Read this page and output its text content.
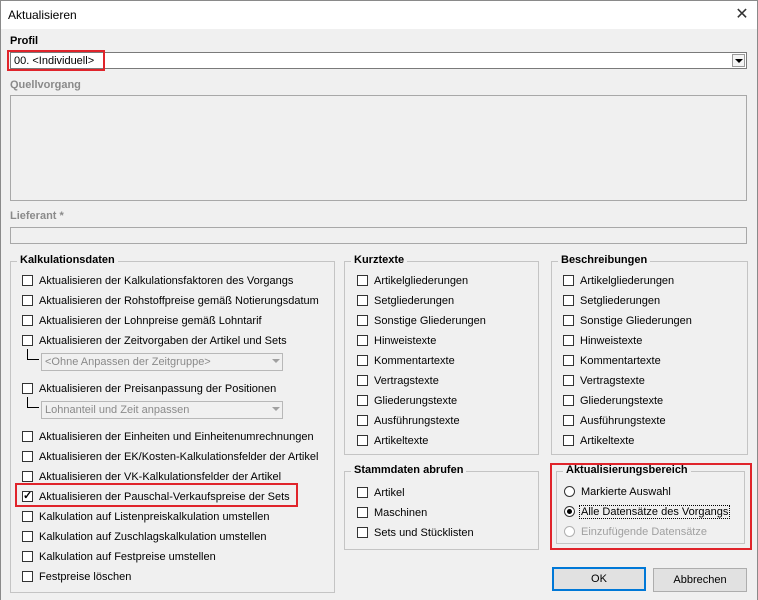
Aktualisieren	✕
Profil
00. <Individuell>
Quellvorgang
Lieferant *
Kalkulationsdaten
Aktualisieren der Kalkulationsfaktoren des Vorgangs
Aktualisieren der Rohstoffpreise gemäß Notierungsdatum
Aktualisieren der Lohnpreise gemäß Lohntarif
Aktualisieren der Zeitvorgaben der Artikel und Sets
<Ohne Anpassen der Zeitgruppe>
Aktualisieren der Preisanpassung der Positionen
Lohnanteil und Zeit anpassen
Aktualisieren der Einheiten und Einheitenumrechnungen
Aktualisieren der EK/Kosten-Kalkulationsfelder der Artikel
Aktualisieren der VK-Kalkulationsfelder der Artikel
✓
Aktualisieren der Pauschal-Verkaufspreise der Sets
Kalkulation auf Listenpreiskalkulation umstellen
Kalkulation auf Zuschlagskalkulation umstellen
Kalkulation auf Festpreise umstellen
Festpreise löschen
Kurztexte
Artikelgliederungen
Setgliederungen
Sonstige Gliederungen
Hinweistexte
Kommentartexte
Vertragstexte
Gliederungstexte
Ausführungstexte
Artikeltexte
Beschreibungen
Artikelgliederungen
Setgliederungen
Sonstige Gliederungen
Hinweistexte
Kommentartexte
Vertragstexte
Gliederungstexte
Ausführungstexte
Artikeltexte
Stammdaten abrufen
Artikel
Maschinen
Sets und Stücklisten
Aktualisierungsbereich
Markierte Auswahl
Alle Datensätze des Vorgangs
Einzufügende Datensätze
OK	Abbrechen
